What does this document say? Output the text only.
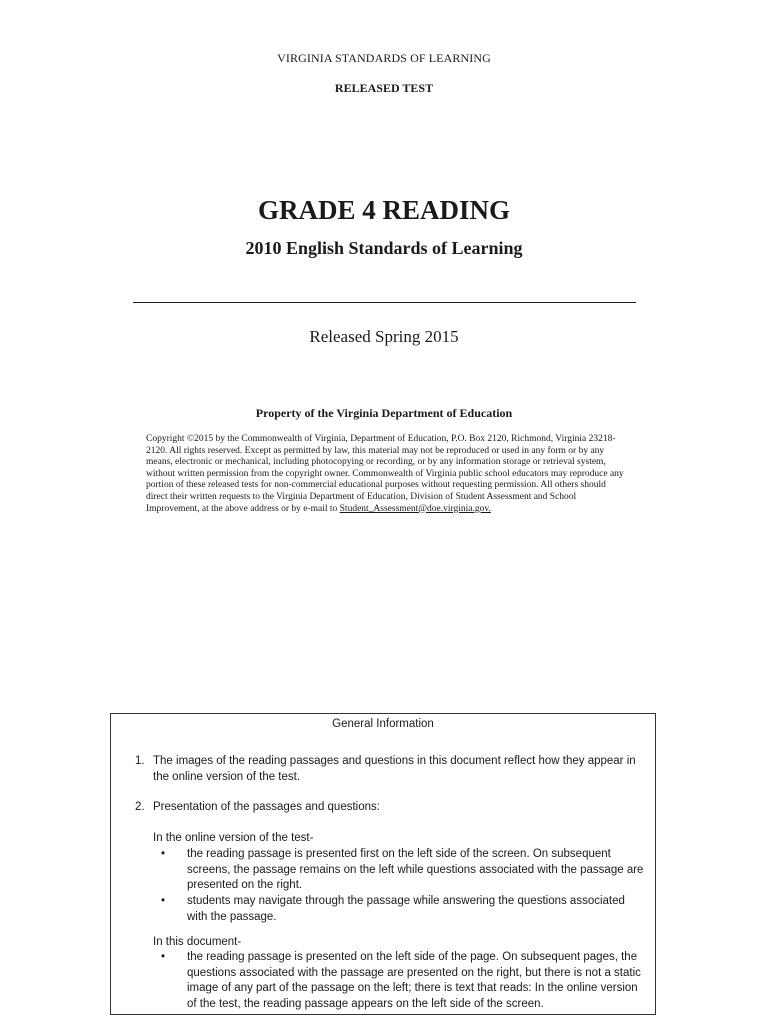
VIRGINIA STANDARDS OF LEARNING
RELEASED TEST
GRADE 4 READING
2010 English Standards of Learning
Released Spring 2015
Property of the Virginia Department of Education
Copyright ©2015 by the Commonwealth of Virginia, Department of Education, P.O. Box 2120, Richmond, Virginia 23218-2120. All rights reserved. Except as permitted by law, this material may not be reproduced or used in any form or by any means, electronic or mechanical, including photocopying or recording, or by any information storage or retrieval system, without written permission from the copyright owner. Commonwealth of Virginia public school educators may reproduce any portion of these released tests for non-commercial educational purposes without requesting permission. All others should direct their written requests to the Virginia Department of Education, Division of Student Assessment and School Improvement, at the above address or by e-mail to Student_Assessment@doe.virginia.gov.
General Information
1. The images of the reading passages and questions in this document reflect how they appear in the online version of the test.
2. Presentation of the passages and questions:
In the online version of the test-
•	the reading passage is presented first on the left side of the screen. On subsequent screens, the passage remains on the left while questions associated with the passage are presented on the right.
•	students may navigate through the passage while answering the questions associated with the passage.
In this document-
•	the reading passage is presented on the left side of the page. On subsequent pages, the questions associated with the passage are presented on the right, but there is not a static image of any part of the passage on the left; there is text that reads: In the online version of the test, the reading passage appears on the left side of the screen.
